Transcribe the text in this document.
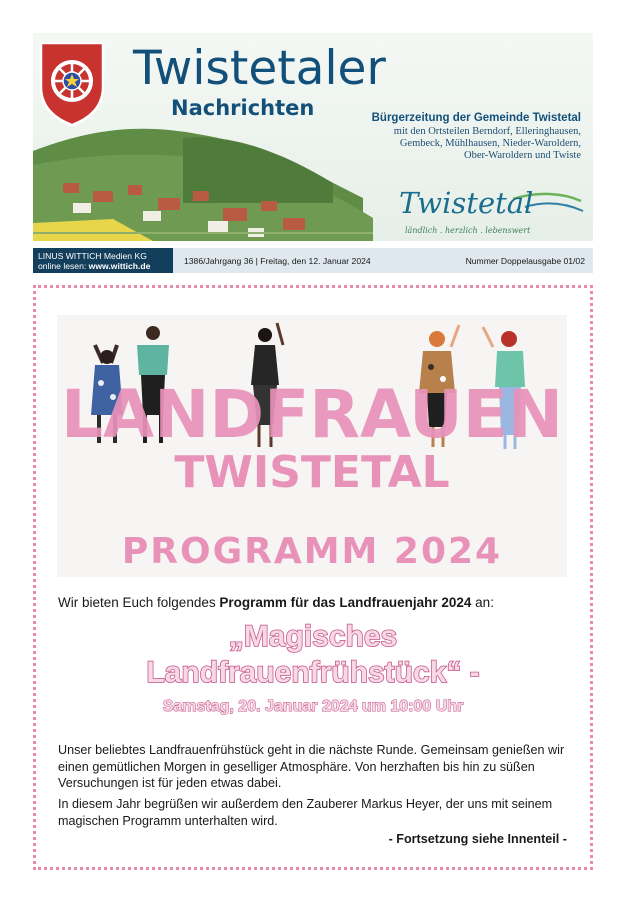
Twistetaler
Nachrichten	Bürgerzeitung der Gemeinde Twistetal
mit den Ortsteilen Berndorf, Elleringhausen,
Gembeck, Mühlhausen, Nieder-Waroldern,
Ober-Waroldern und Twiste
Twistetal
ländlich . herzlich . lebenswert
LINUS WITTICH Medien KG
online lesen: www.wittich.de	1386/Jahrgang 36 | Freitag, den 12. Januar 2024	Nummer Doppelausgabe 01/02
LANDFRAUEN
TWISTETAL
PROGRAMM 2024

Wir bieten Euch folgendes Programm für das Landfrauenjahr 2024 an:

„Magisches

Landfrauenfrühstück“ -

Samstag, 20. Januar 2024 um 10:00 Uhr

Unser beliebtes Landfrauenfrühstück geht in die nächste Runde. Gemeinsam genießen wir einen gemütlichen Morgen in geselliger Atmosphäre. Von herzhaften bis hin zu süßen Versuchungen ist für jeden etwas dabei.

In diesem Jahr begrüßen wir außerdem den Zauberer Markus Heyer, der uns mit seinem magischen Programm unterhalten wird.

- Fortsetzung siehe Innenteil -
